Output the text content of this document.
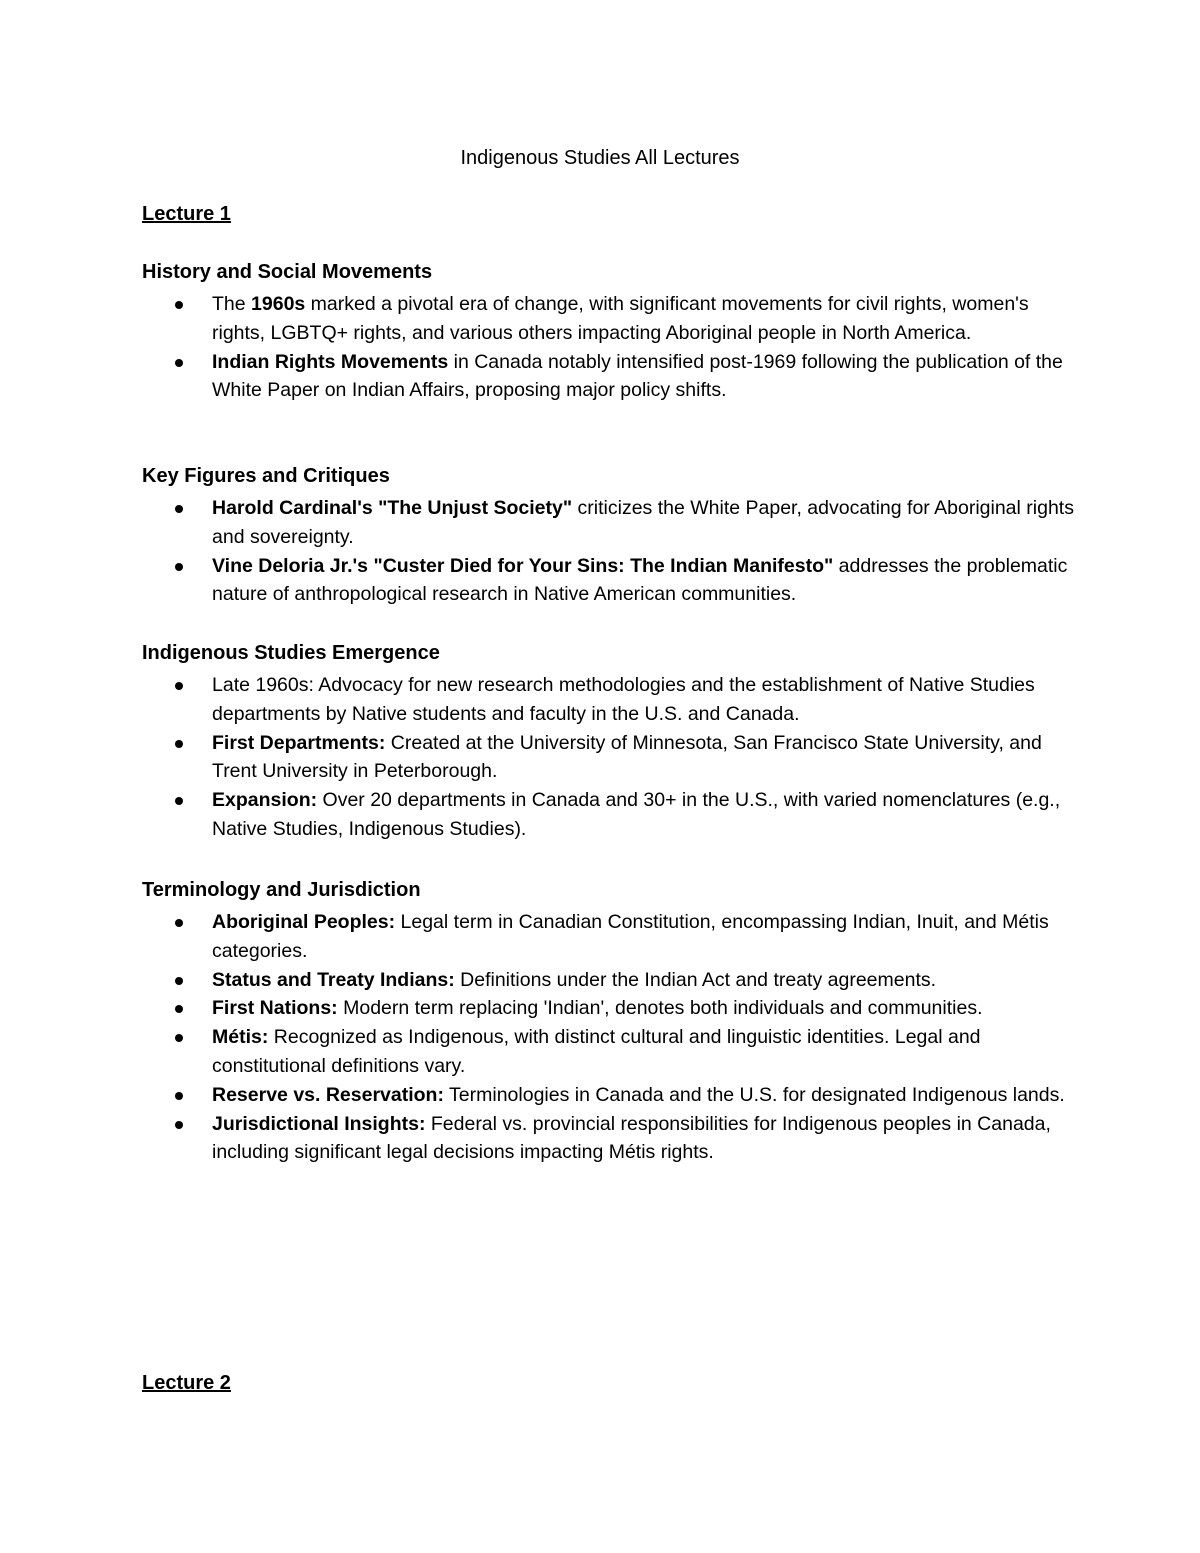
Indigenous Studies All Lectures
Lecture 1

History and Social Movements

The 1960s marked a pivotal era of change, with significant movements for civil rights, women's rights, LGBTQ+ rights, and various others impacting Aboriginal people in North America.
Indian Rights Movements in Canada notably intensified post-1969 following the publication of the White Paper on Indian Affairs, proposing major policy shifts.

Key Figures and Critiques

Harold Cardinal's "The Unjust Society" criticizes the White Paper, advocating for Aboriginal rights and sovereignty.
Vine Deloria Jr.'s "Custer Died for Your Sins: The Indian Manifesto" addresses the problematic nature of anthropological research in Native American communities.

Indigenous Studies Emergence

Late 1960s: Advocacy for new research methodologies and the establishment of Native Studies departments by Native students and faculty in the U.S. and Canada.
First Departments: Created at the University of Minnesota, San Francisco State University, and Trent University in Peterborough.
Expansion: Over 20 departments in Canada and 30+ in the U.S., with varied nomenclatures (e.g., Native Studies, Indigenous Studies).

Terminology and Jurisdiction

Aboriginal Peoples: Legal term in Canadian Constitution, encompassing Indian, Inuit, and Métis categories.
Status and Treaty Indians: Definitions under the Indian Act and treaty agreements.
First Nations: Modern term replacing 'Indian', denotes both individuals and communities.
Métis: Recognized as Indigenous, with distinct cultural and linguistic identities. Legal and constitutional definitions vary.
Reserve vs. Reservation: Terminologies in Canada and the U.S. for designated Indigenous lands.
Jurisdictional Insights: Federal vs. provincial responsibilities for Indigenous peoples in Canada, including significant legal decisions impacting Métis rights.
Lecture 2
